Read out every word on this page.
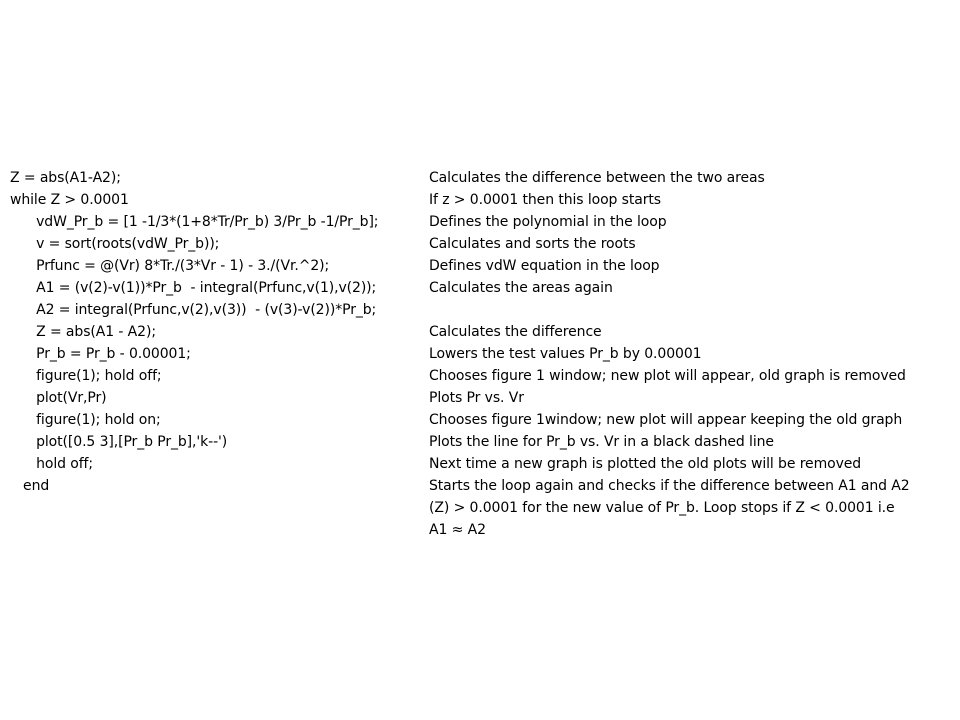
Z = abs(A1-A2);
while Z > 0.0001
vdW_Pr_b = [1 -1/3*(1+8*Tr/Pr_b) 3/Pr_b -1/Pr_b];
v = sort(roots(vdW_Pr_b));
Prfunc = @(Vr) 8*Tr./(3*Vr - 1) - 3./(Vr.^2);
A1 = (v(2)-v(1))*Pr_b  - integral(Prfunc,v(1),v(2));
A2 = integral(Prfunc,v(2),v(3))  - (v(3)-v(2))*Pr_b;
Z = abs(A1 - A2);
Pr_b = Pr_b - 0.00001;
figure(1); hold off;
plot(Vr,Pr)
figure(1); hold on;
plot([0.5 3],[Pr_b Pr_b],'k--')
hold off;
end
Calculates the difference between the two areas
If z > 0.0001 then this loop starts
Defines the polynomial in the loop
Calculates and sorts the roots
Defines vdW equation in the loop
Calculates the areas again
Calculates the difference
Lowers the test values Pr_b by 0.00001
Chooses figure 1 window; new plot will appear, old graph is removed
Plots Pr vs. Vr
Chooses figure 1window; new plot will appear keeping the old graph
Plots the line for Pr_b vs. Vr in a black dashed line
Next time a new graph is plotted the old plots will be removed
Starts the loop again and checks if the difference between A1 and A2
(Z) > 0.0001 for the new value of Pr_b. Loop stops if Z < 0.0001 i.e
A1 ≈ A2
